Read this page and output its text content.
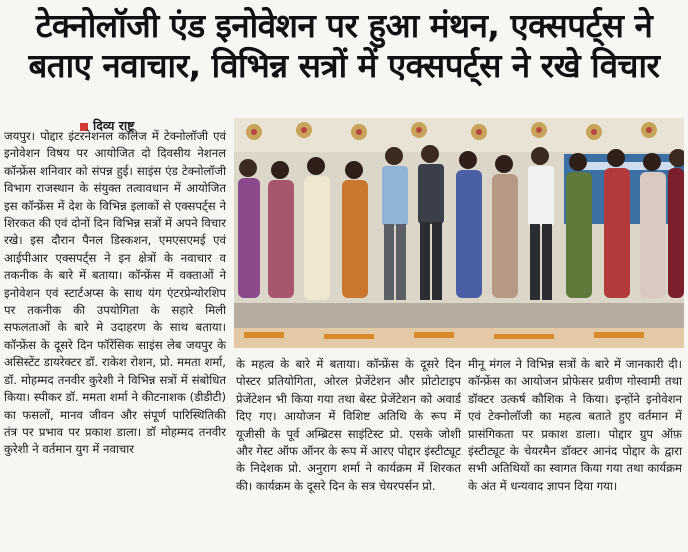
टेक्नोलॉजी एंड इनोवेशन पर हुआ मंथन, एक्सपर्ट्स ने
बताए नवाचार, विभिन्न सत्रों में एक्सपर्ट्स ने रखे विचार
दिव्य राष्ट्र
जयपुर। पोद्दार इंटरनेशनल कॉलेज में टेक्नोलॉजी एवं इनोवेशन विषय पर आयोजित दो दिवसीय नेशनल कॉन्फ्रेंस शनिवार को संपन्न हुई। साइंस एंड टेक्नोलॉजी विभाग राजस्थान के संयुक्त तत्वावधान में आयोजित इस कॉन्फ्रेंस में देश के विभिन्न इलाकों से एक्सपर्ट्स ने शिरकत की एवं दोनों दिन विभिन्न सत्रों में अपने विचार रखे। इस दौरान पैनल डिस्कशन, एमएसएमई एवं आईपीआर एक्सपर्ट्स ने इन क्षेत्रों के नवाचार व तकनीक के बारे में बताया। कॉन्फ्रेंस में वक्ताओं ने इनोवेशन एवं स्टार्टअप्स के साथ यंग एंटरप्रेन्योरशिप पर तकनीक की उपयोगिता के सहारे मिली सफलताओं के बारे मे उदाहरण के साथ बताया। कॉन्फ्रेंस के दूसरे दिन फॉरेंसिक साइंस लेब जयपुर के असिस्टेंट डायरेक्टर डॉ. राकेश रोशन, प्रो. ममता शर्मा, डॉ. मोहम्मद तनवीर कुरेशी ने विभिन्न सत्रों में संबोधित किया। स्पीकर डॉ. ममता शर्मा ने कीटनाशक (डीडीटी) का फसलों, मानव जीवन और संपूर्ण पारिस्थितिकी तंत्र पर प्रभाव पर प्रकाश डाला। डॉ मोहम्मद तनवीर कुरेशी ने वर्तमान युग में नवाचार
के महत्व के बारे में बताया। कॉन्फ्रेंस के दूसरे दिन पोस्टर प्रतियोगिता, ओरल प्रेजेंटेशन और प्रोटोटाइप प्रेजेंटेशन भी किया गया तथा बेस्ट प्रेजेंटेशन को अवार्ड दिए गए। आयोजन में विशिष्ट अतिथि के रूप में यूजीसी के पूर्व अम्ब्रिटस साइंटिस्ट प्रो. एसके जोशी और गेस्ट ऑफ ऑनर के रूप में आरए पोद्दार इंस्टीट्यूट के निदेशक प्रो. अनुराग शर्मा ने कार्यक्रम में शिरकत की। कार्यक्रम के दूसरे दिन के सत्र चेयरपर्सन प्रो.
मीनू मंगल ने विभिन्न सत्रों के बारे में जानकारी दी। कॉन्फ्रेंस का आयोजन प्रोफेसर प्रवीण गोस्वामी तथा डॉक्टर उत्कर्ष कौशिक ने किया। इन्होंने इनोवेशन एवं टेक्नोलॉजी का महत्व बताते हुए वर्तमान में प्रासंगिकता पर प्रकाश डाला। पोद्दार ग्रुप ऑफ़ इंस्टीट्यूट के चेयरमैन डॉक्टर आनंद पोद्दार के द्वारा सभी अतिथियों का स्वागत किया गया तथा कार्यक्रम के अंत में धन्यवाद ज्ञापन दिया गया।
